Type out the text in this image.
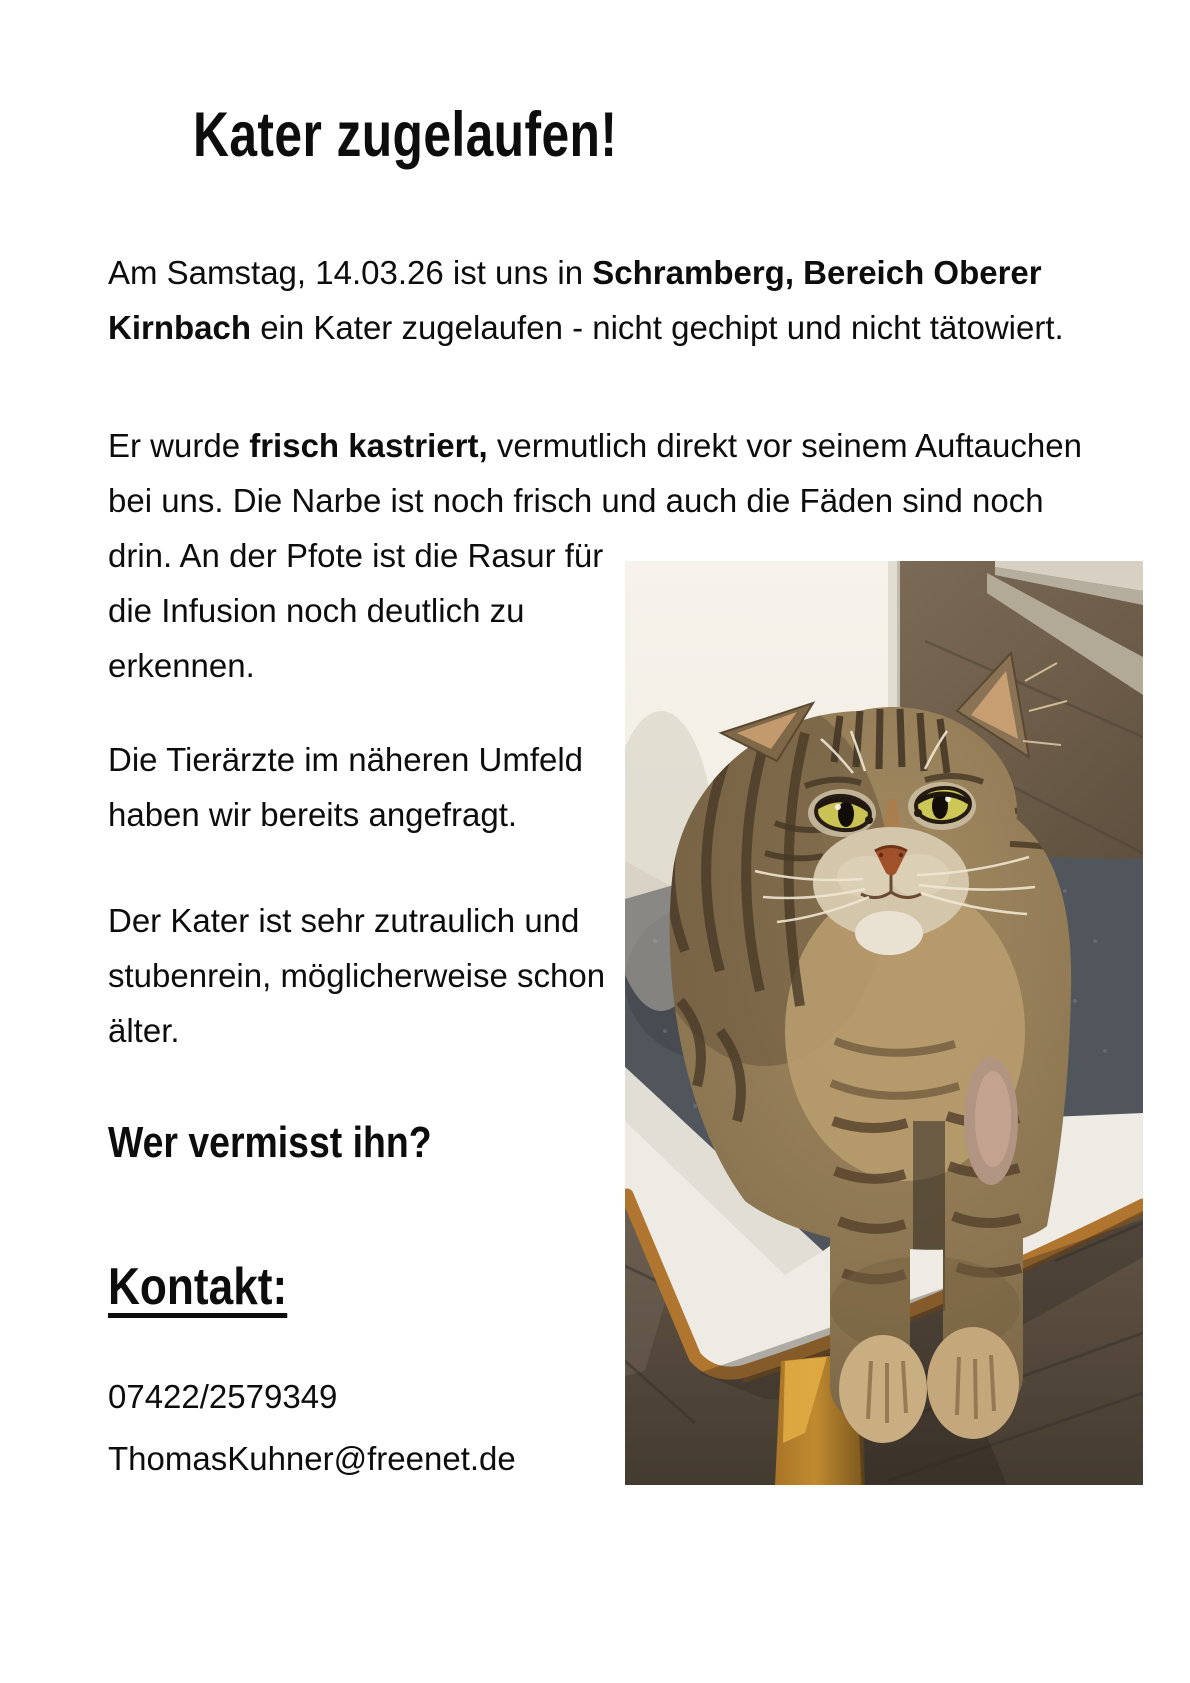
Kater zugelaufen!
Am Samstag, 14.03.26 ist uns in Schramberg, Bereich Oberer
Kirnbach ein Kater zugelaufen - nicht gechipt und nicht tätowiert.
Er wurde frisch kastriert, vermutlich direkt vor seinem Auftauchen
bei uns. Die Narbe ist noch frisch und auch die Fäden sind noch
drin. An der Pfote ist die Rasur für
die Infusion noch deutlich zu
erkennen.
Die Tierärzte im näheren Umfeld
haben wir bereits angefragt.
Der Kater ist sehr zutraulich und
stubenrein, möglicherweise schon
älter.
Wer vermisst ihn?
Kontakt:
07422/2579349
ThomasKuhner@freenet.de
